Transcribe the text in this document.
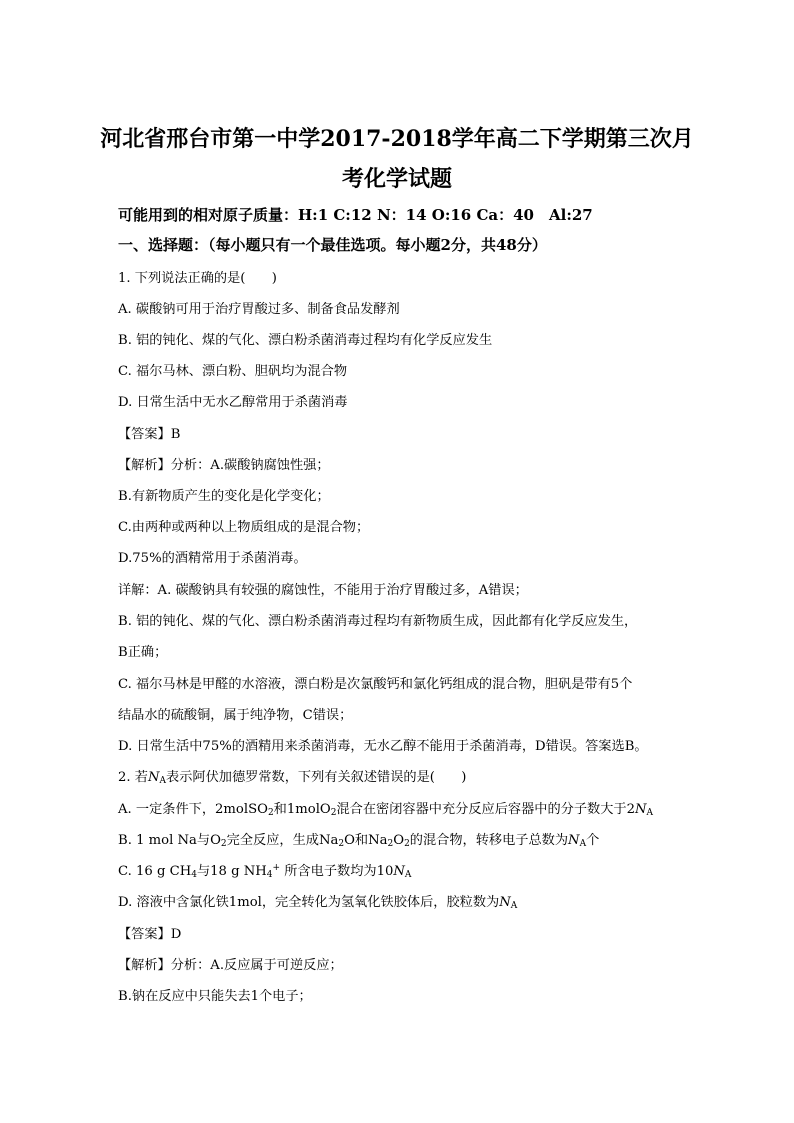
河北省邢台市第一中学2017-2018学年高二下学期第三次月
考化学试题
可能用到的相对原子质量：H:1 C:12 N：14 O:16 Ca：40　Al:27
一、选择题：（每小题只有一个最佳选项。每小题2分，共48分）
1. 下列说法正确的是(　　)
A. 碳酸钠可用于治疗胃酸过多、制备食品发酵剂
B. 铝的钝化、煤的气化、漂白粉杀菌消毒过程均有化学反应发生
C. 福尔马林、漂白粉、胆矾均为混合物
D. 日常生活中无水乙醇常用于杀菌消毒
【答案】B
【解析】分析：A.碳酸钠腐蚀性强；
B.有新物质产生的变化是化学变化；
C.由两种或两种以上物质组成的是混合物；
D.75%的酒精常用于杀菌消毒。
详解：A. 碳酸钠具有较强的腐蚀性，不能用于治疗胃酸过多，A错误；
B. 铝的钝化、煤的气化、漂白粉杀菌消毒过程均有新物质生成，因此都有化学反应发生，
B正确；
C. 福尔马林是甲醛的水溶液，漂白粉是次氯酸钙和氯化钙组成的混合物，胆矾是带有5个
结晶水的硫酸铜，属于纯净物，C错误；
D. 日常生活中75%的酒精用来杀菌消毒，无水乙醇不能用于杀菌消毒，D错误。答案选B。
2. 若$N_A$表示阿伏加德罗常数，下列有关叙述错误的是(　　)
A. 一定条件下，2molSO$_2$和1molO$_2$混合在密闭容器中充分反应后容器中的分子数大于$2N_A$
B. 1 mol Na与$O_2$完全反应，生成$Na_2O$和$Na_2O_2$的混合物，转移电子总数为$N_A$个
C. 16 g $CH_4$与18 g $NH_4^+$ 所含电子数均为$10N_A$
D. 溶液中含氯化铁1mol，完全转化为氢氧化铁胶体后，胶粒数为$N_A$
【答案】D
【解析】分析：A.反应属于可逆反应；
B.钠在反应中只能失去1个电子；
